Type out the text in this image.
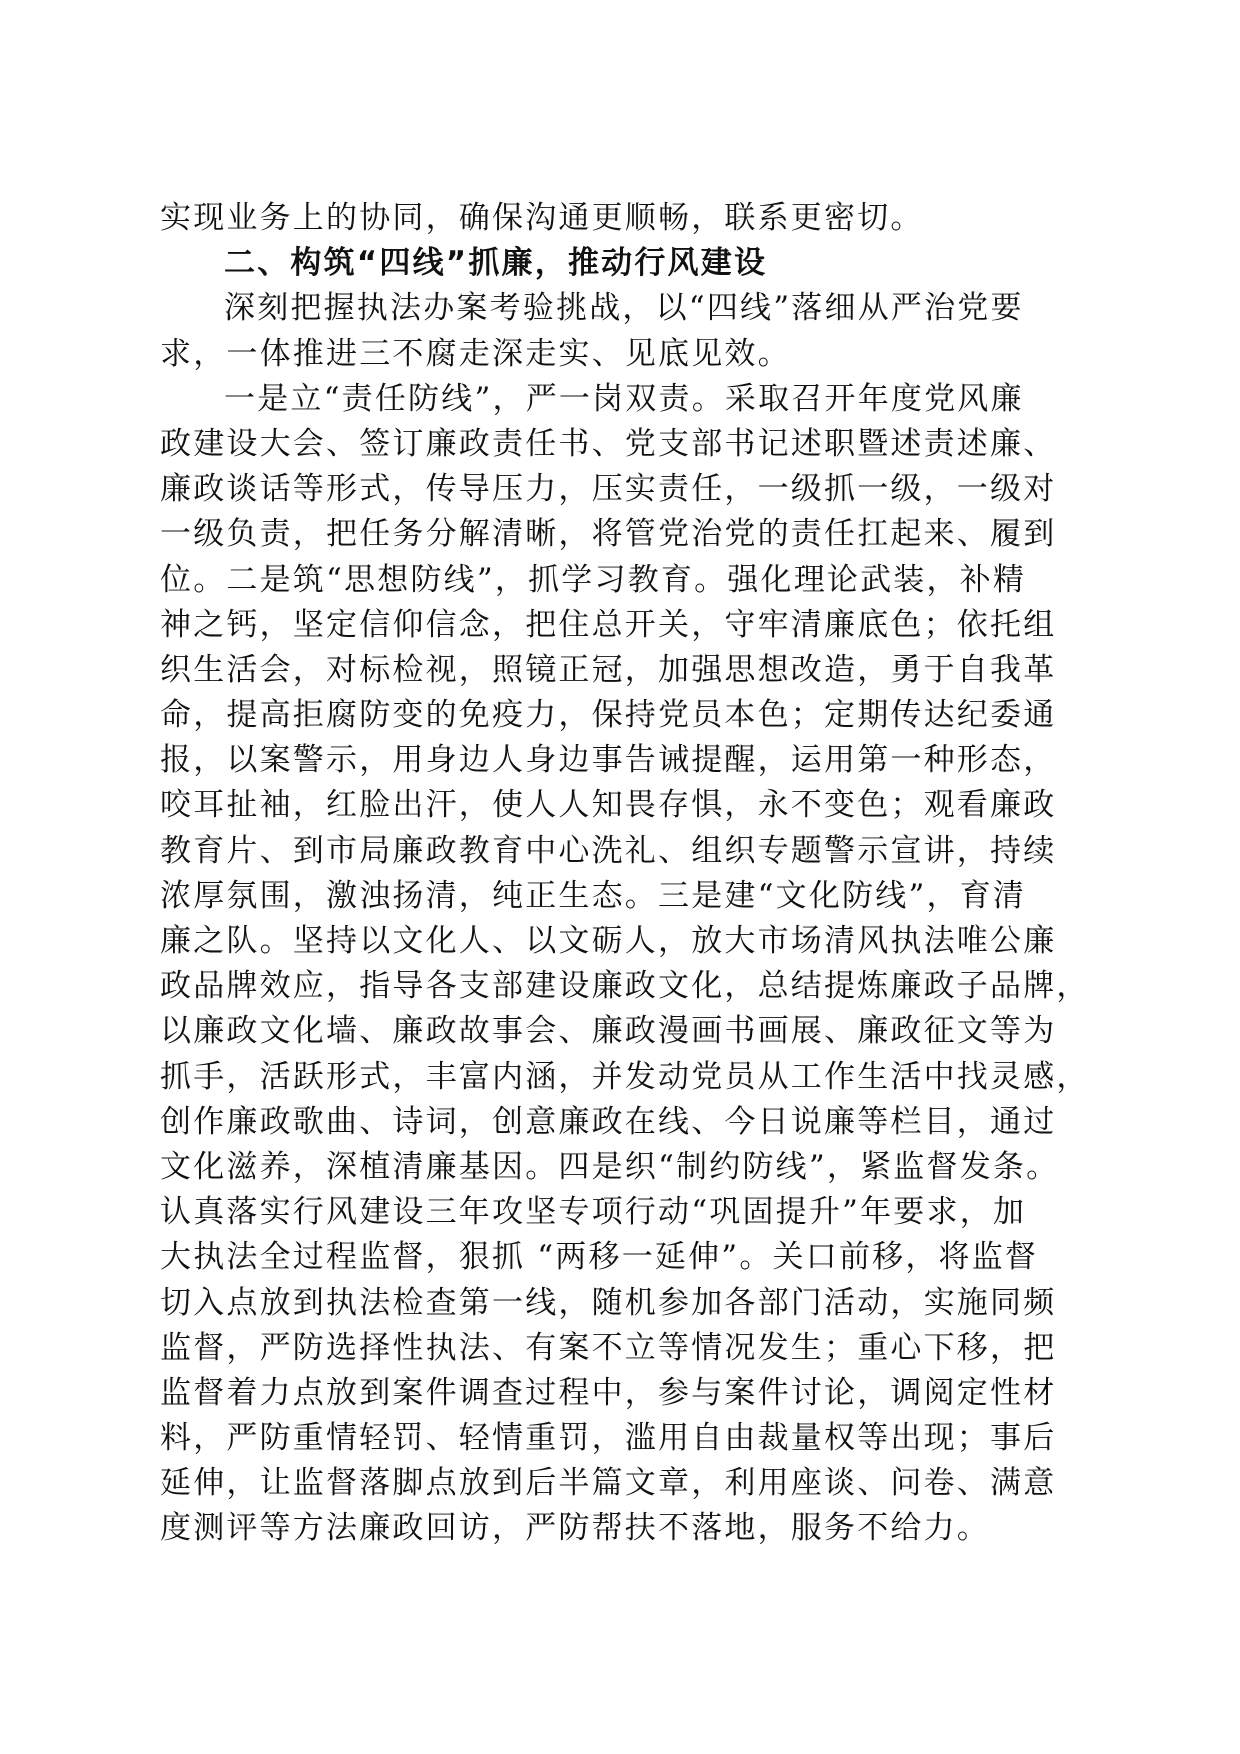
实现业务上的协同，确保沟通更顺畅，联系更密切。
二、构筑“四线”抓廉，推动行风建设
深刻把握执法办案考验挑战，以“四线”落细从严治党要
求，一体推进三不腐走深走实、见底见效。
一是立“责任防线”，严一岗双责。采取召开年度党风廉
政建设大会、签订廉政责任书、党支部书记述职暨述责述廉、
廉政谈话等形式，传导压力，压实责任，一级抓一级，一级对
一级负责，把任务分解清晰，将管党治党的责任扛起来、履到
位。二是筑“思想防线”，抓学习教育。强化理论武装，补精
神之钙，坚定信仰信念，把住总开关，守牢清廉底色；依托组
织生活会，对标检视，照镜正冠，加强思想改造，勇于自我革
命，提高拒腐防变的免疫力，保持党员本色；定期传达纪委通
报，以案警示，用身边人身边事告诫提醒，运用第一种形态，
咬耳扯袖，红脸出汗，使人人知畏存惧，永不变色；观看廉政
教育片、到市局廉政教育中心洗礼、组织专题警示宣讲，持续
浓厚氛围，激浊扬清，纯正生态。三是建“文化防线”，育清
廉之队。坚持以文化人、以文砺人，放大市场清风执法唯公廉
政品牌效应，指导各支部建设廉政文化，总结提炼廉政子品牌，
以廉政文化墙、廉政故事会、廉政漫画书画展、廉政征文等为
抓手，活跃形式，丰富内涵，并发动党员从工作生活中找灵感，
创作廉政歌曲、诗词，创意廉政在线、今日说廉等栏目，通过
文化滋养，深植清廉基因。四是织“制约防线”，紧监督发条。
认真落实行风建设三年攻坚专项行动“巩固提升”年要求，加
大执法全过程监督，狠抓 “两移一延伸”。关口前移，将监督
切入点放到执法检查第一线，随机参加各部门活动，实施同频
监督，严防选择性执法、有案不立等情况发生；重心下移，把
监督着力点放到案件调查过程中，参与案件讨论，调阅定性材
料，严防重情轻罚、轻情重罚，滥用自由裁量权等出现；事后
延伸，让监督落脚点放到后半篇文章，利用座谈、问卷、满意
度测评等方法廉政回访，严防帮扶不落地，服务不给力。
